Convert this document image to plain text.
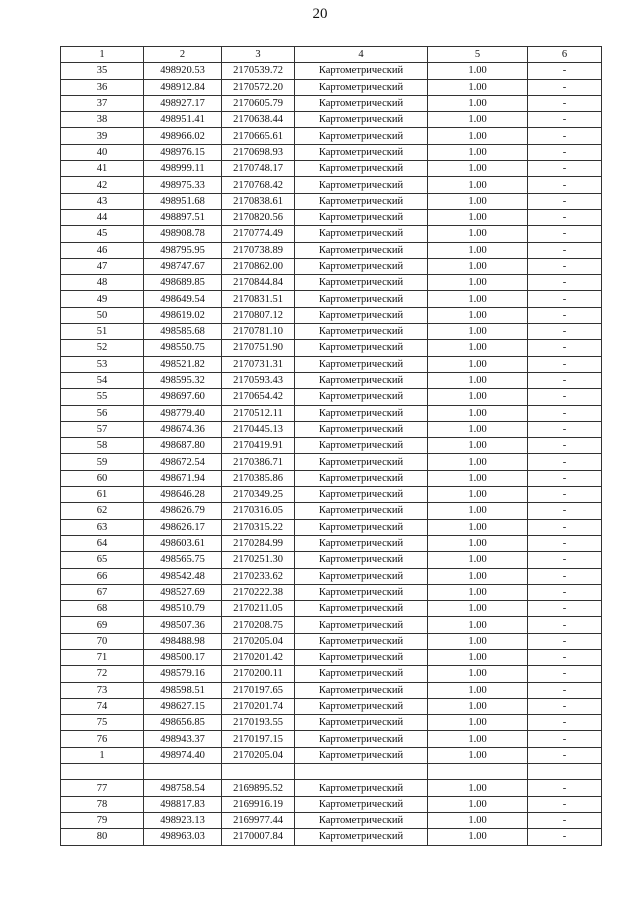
20
1	2	3	4	5	6
35	498920.53	2170539.72	Картометрический	1.00	-
36	498912.84	2170572.20	Картометрический	1.00	-
37	498927.17	2170605.79	Картометрический	1.00	-
38	498951.41	2170638.44	Картометрический	1.00	-
39	498966.02	2170665.61	Картометрический	1.00	-
40	498976.15	2170698.93	Картометрический	1.00	-
41	498999.11	2170748.17	Картометрический	1.00	-
42	498975.33	2170768.42	Картометрический	1.00	-
43	498951.68	2170838.61	Картометрический	1.00	-
44	498897.51	2170820.56	Картометрический	1.00	-
45	498908.78	2170774.49	Картометрический	1.00	-
46	498795.95	2170738.89	Картометрический	1.00	-
47	498747.67	2170862.00	Картометрический	1.00	-
48	498689.85	2170844.84	Картометрический	1.00	-
49	498649.54	2170831.51	Картометрический	1.00	-
50	498619.02	2170807.12	Картометрический	1.00	-
51	498585.68	2170781.10	Картометрический	1.00	-
52	498550.75	2170751.90	Картометрический	1.00	-
53	498521.82	2170731.31	Картометрический	1.00	-
54	498595.32	2170593.43	Картометрический	1.00	-
55	498697.60	2170654.42	Картометрический	1.00	-
56	498779.40	2170512.11	Картометрический	1.00	-
57	498674.36	2170445.13	Картометрический	1.00	-
58	498687.80	2170419.91	Картометрический	1.00	-
59	498672.54	2170386.71	Картометрический	1.00	-
60	498671.94	2170385.86	Картометрический	1.00	-
61	498646.28	2170349.25	Картометрический	1.00	-
62	498626.79	2170316.05	Картометрический	1.00	-
63	498626.17	2170315.22	Картометрический	1.00	-
64	498603.61	2170284.99	Картометрический	1.00	-
65	498565.75	2170251.30	Картометрический	1.00	-
66	498542.48	2170233.62	Картометрический	1.00	-
67	498527.69	2170222.38	Картометрический	1.00	-
68	498510.79	2170211.05	Картометрический	1.00	-
69	498507.36	2170208.75	Картометрический	1.00	-
70	498488.98	2170205.04	Картометрический	1.00	-
71	498500.17	2170201.42	Картометрический	1.00	-
72	498579.16	2170200.11	Картометрический	1.00	-
73	498598.51	2170197.65	Картометрический	1.00	-
74	498627.15	2170201.74	Картометрический	1.00	-
75	498656.85	2170193.55	Картометрический	1.00	-
76	498943.37	2170197.15	Картометрический	1.00	-
1	498974.40	2170205.04	Картометрический	1.00	-

77	498758.54	2169895.52	Картометрический	1.00	-
78	498817.83	2169916.19	Картометрический	1.00	-
79	498923.13	2169977.44	Картометрический	1.00	-
80	498963.03	2170007.84	Картометрический	1.00	-
